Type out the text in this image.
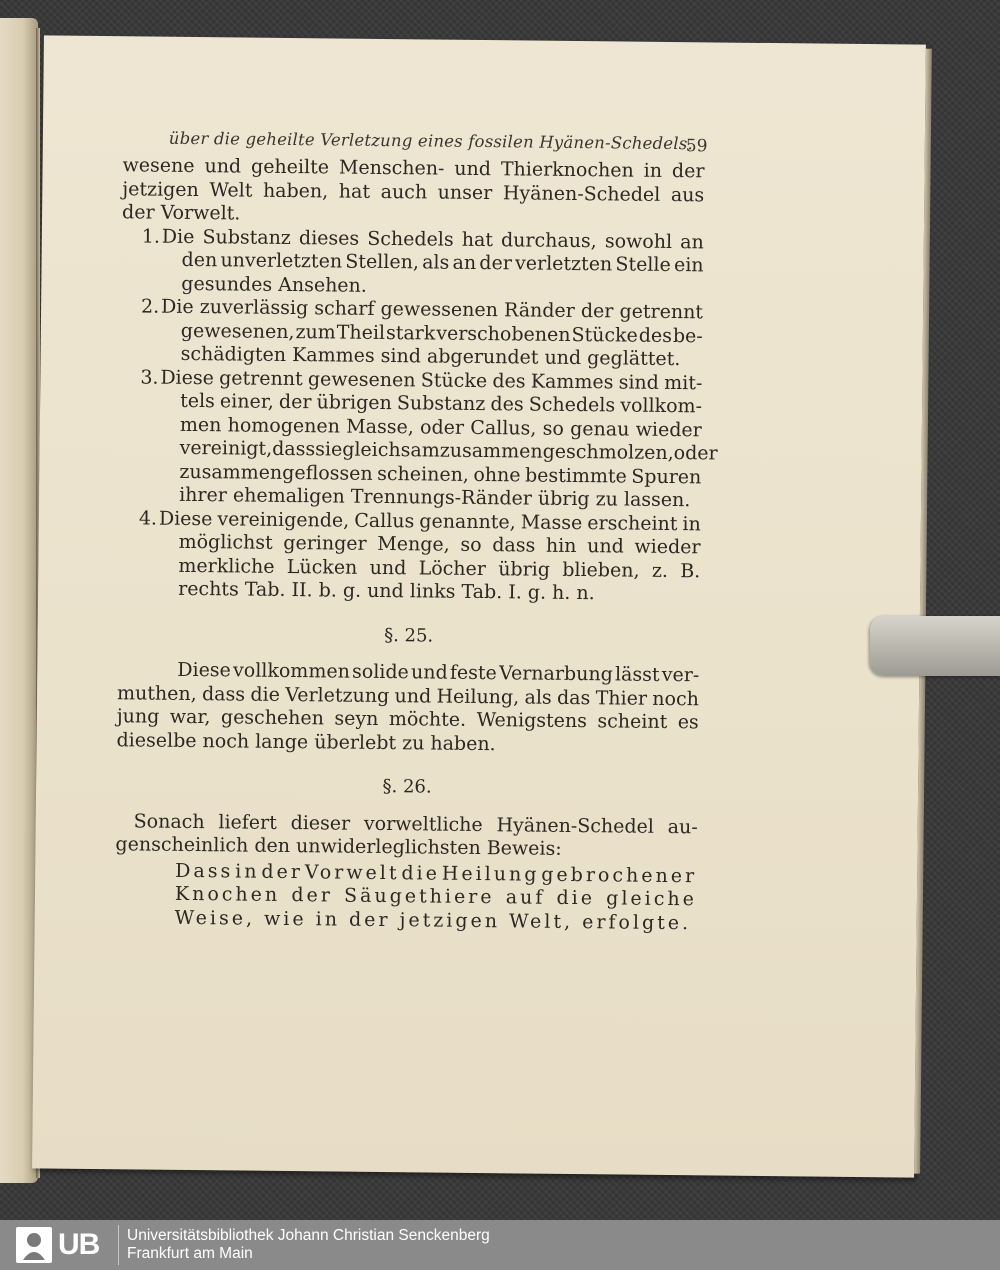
über die geheilte Verletzung eines fossilen Hyänen-Schedels.
59
wesene und geheilte Menschen- und Thierknochen in der
jetzigen Welt haben, hat auch unser Hyänen-Schedel aus
der Vorwelt.
Die Substanz dieses Schedels hat durchaus, sowohl an
1.
den unverletzten Stellen, als an der verletzten Stelle ein
gesundes Ansehen.
Die zuverlässig scharf gewessenen Ränder der getrennt
2.
gewesenen, zum Theil stark verschobenen Stücke des be-
schädigten Kammes sind abgerundet und geglättet.
Diese getrennt gewesenen Stücke des Kammes sind mit-
3.
tels einer, der übrigen Substanz des Schedels vollkom-
men homogenen Masse, oder Callus, so genau wieder
vereinigt, dass sie gleichsam zusammengeschmolzen, oder
zusammengeflossen scheinen, ohne bestimmte Spuren
ihrer ehemaligen Trennungs-Ränder übrig zu lassen.
Diese vereinigende, Callus genannte, Masse erscheint in
4.
möglichst geringer Menge, so dass hin und wieder
merkliche Lücken und Löcher übrig blieben, z. B.
rechts Tab. II. b. g. und links Tab. I. g. h. n.
§. 25.
Diese vollkommen solide und feste Vernarbung lässt ver-
muthen, dass die Verletzung und Heilung, als das Thier noch
jung war, geschehen seyn möchte. Wenigstens scheint es
dieselbe noch lange überlebt zu haben.
§. 26.
Sonach liefert dieser vorweltliche Hyänen-Schedel au-
genscheinlich den unwiderleglichsten Beweis:
Dass in der Vorwelt die Heilung gebrochener
Knochen der Säugethiere auf die gleiche
Weise, wie in der jetzigen Welt, erfolgte.
UB Universitätsbibliothek Johann Christian Senckenberg
Frankfurt am Main
